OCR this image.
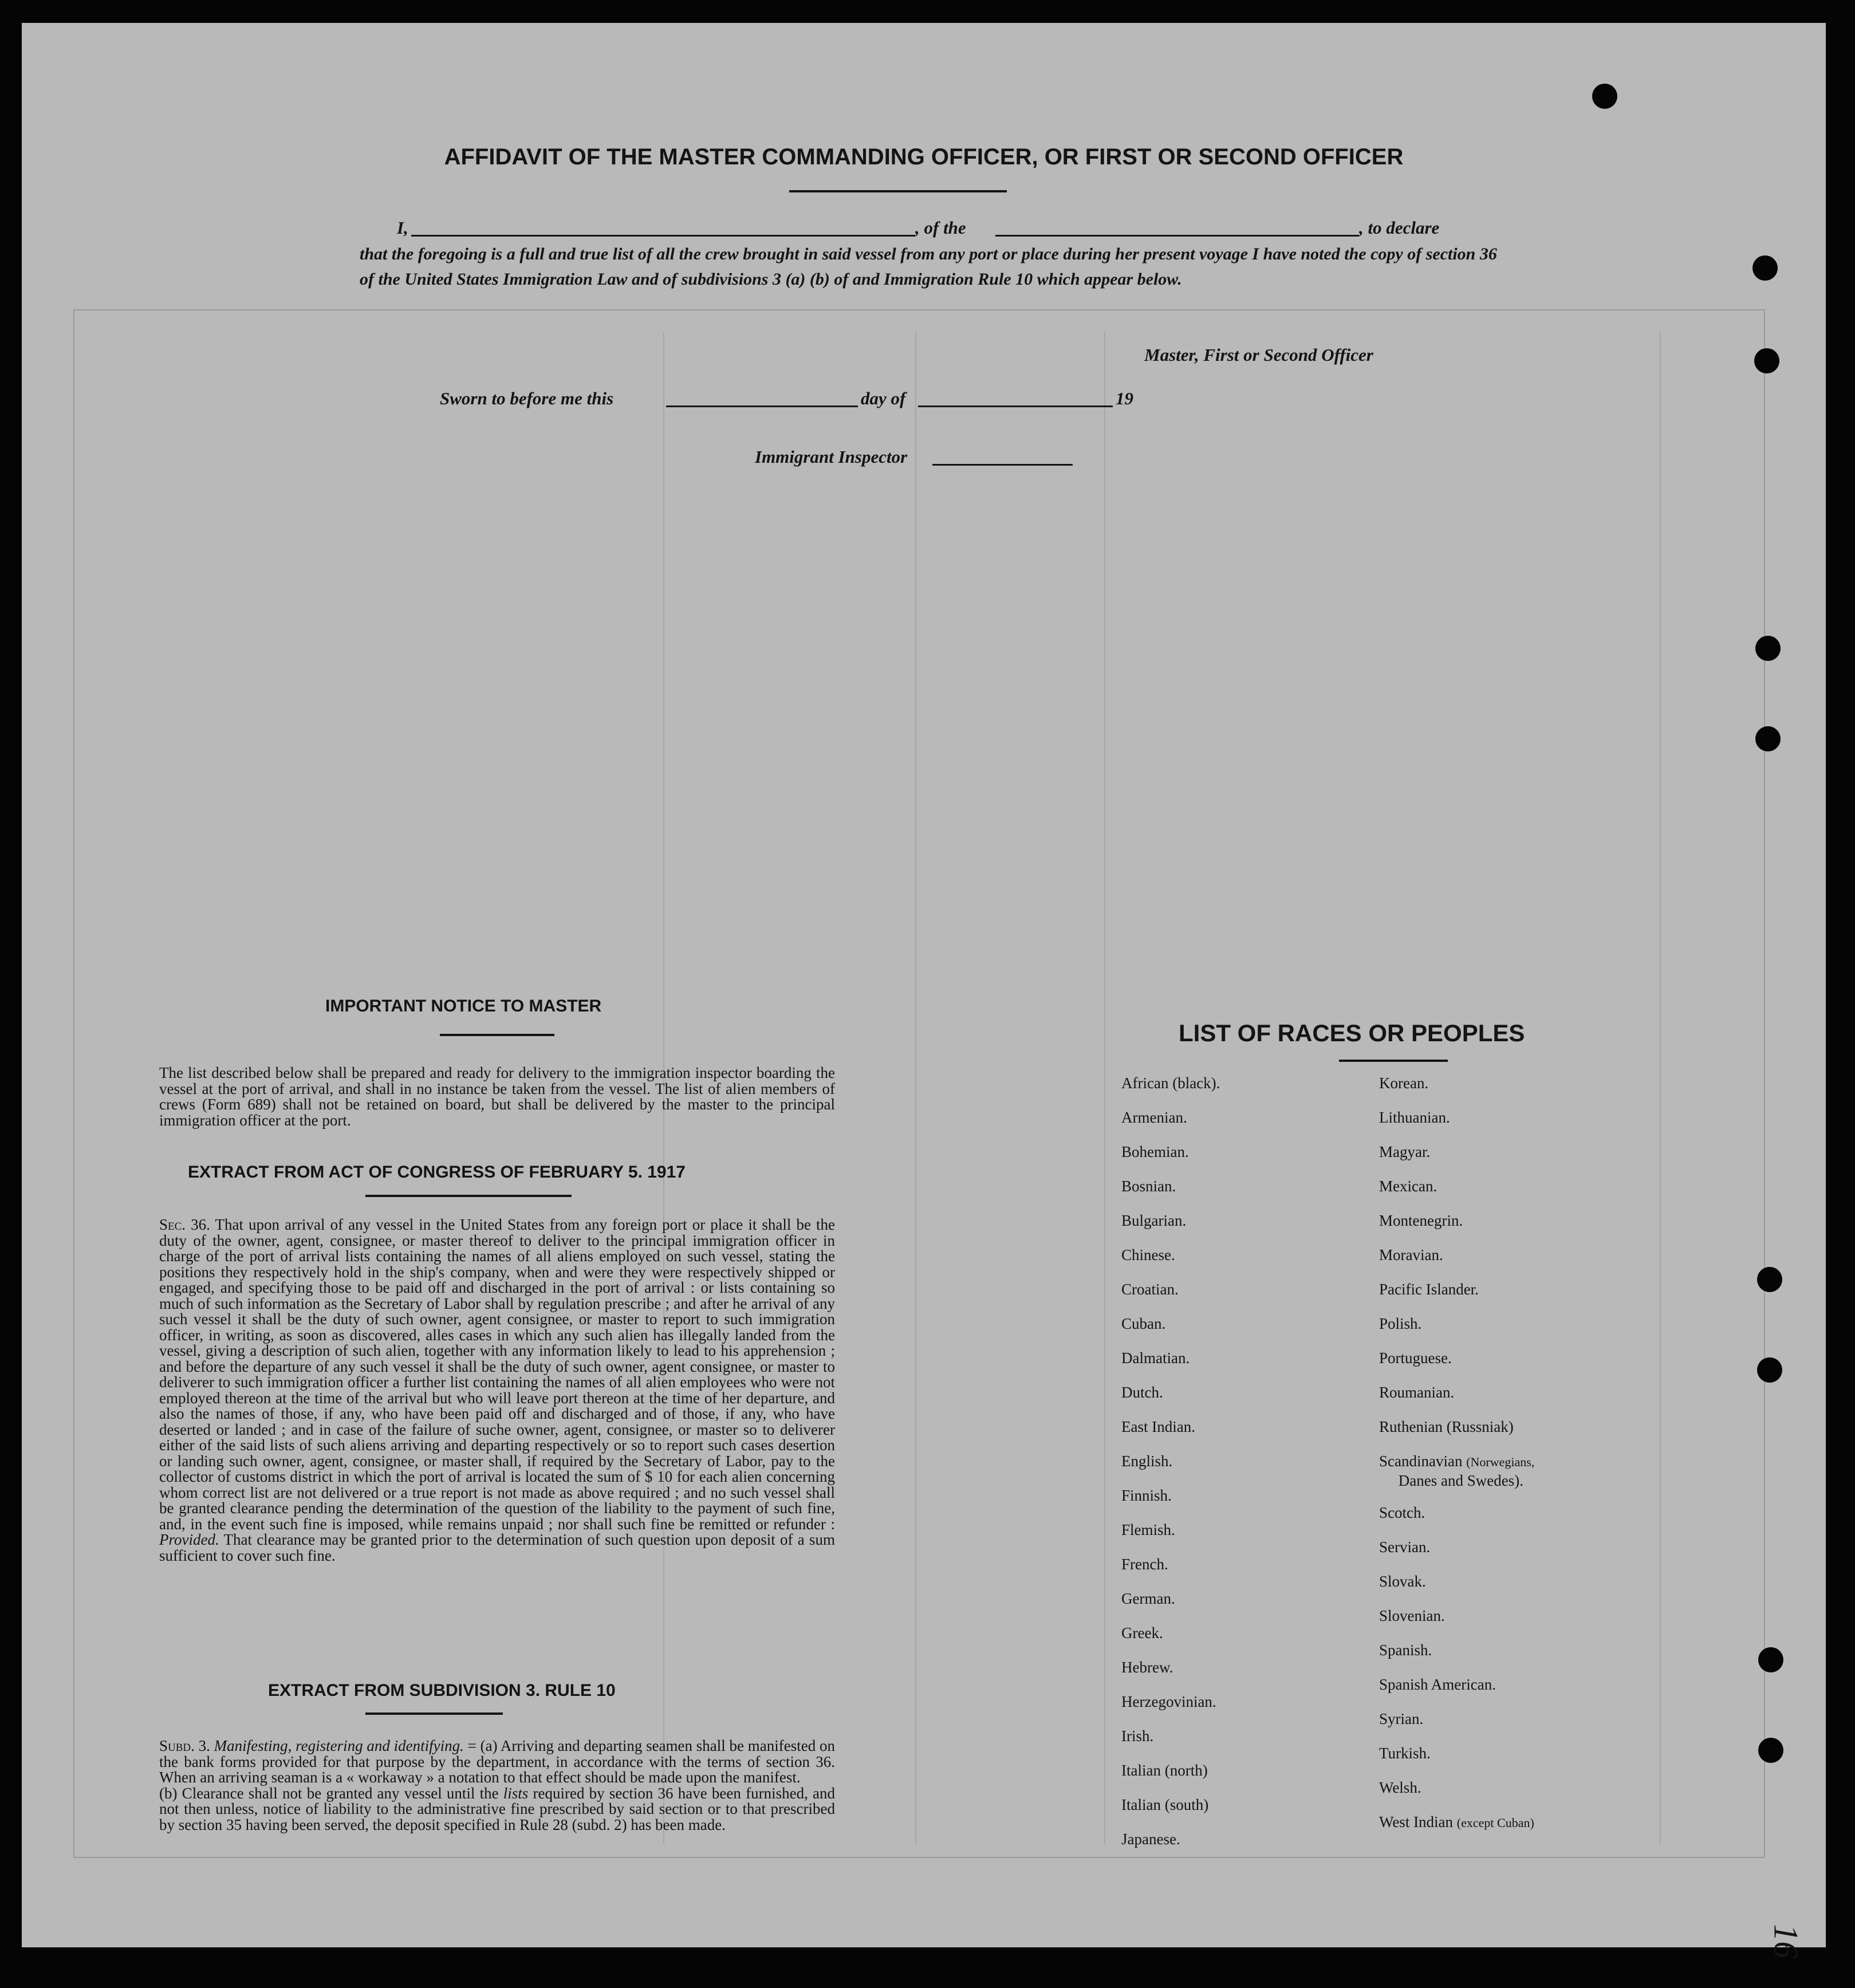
AFFIDAVIT OF THE MASTER COMMANDING OFFICER, OR FIRST OR SECOND OFFICER
I,	, of the	, to declare
that the foregoing is a full and true list of all the crew brought in said vessel from any port or place during her present voyage I have noted the copy of section 36 of the United States Immigration Law and of subdivisions 3 (a) (b) of and Immigration Rule 10 which appear below.
Master, First or Second Officer
Sworn to before me this	day of	19
Immigrant Inspector
IMPORTANT NOTICE TO MASTER
The list described below shall be prepared and ready for delivery to the immigration inspector boarding the vessel at the port of arrival, and shall in no instance be taken from the vessel. The list of alien members of crews (Form 689) shall not be retained on board, but shall be delivered by the master to the principal immigration officer at the port.
EXTRACT FROM ACT OF CONGRESS OF FEBRUARY 5. 1917
Sec. 36. That upon arrival of any vessel in the United States from any foreign port or place it shall be the duty of the owner, agent, consignee, or master thereof to deliver to the principal immigration officer in charge of the port of arrival lists containing the names of all aliens employed on such vessel, stating the positions they respectively hold in the ship's company, when and were they were respectively shipped or engaged, and specifying those to be paid off and discharged in the port of arrival : or lists containing so much of such information as the Secretary of Labor shall by regulation prescribe ; and after he arrival of any such vessel it shall be the duty of such owner, agent consignee, or master to report to such immigration officer, in writing, as soon as discovered, alles cases in which any such alien has illegally landed from the vessel, giving a description of such alien, together with any information likely to lead to his apprehension ; and before the departure of any such vessel it shall be the duty of such owner, agent consignee, or master to deliverer to such immigration officer a further list containing the names of all alien employees who were not employed thereon at the time of the arrival but who will leave port thereon at the time of her departure, and also the names of those, if any, who have been paid off and discharged and of those, if any, who have deserted or landed ; and in case of the failure of suche owner, agent, consignee, or master so to deliverer either of the said lists of such aliens arriving and departing respectively or so to report such cases desertion or landing such owner, agent, consignee, or master shall, if required by the Secretary of Labor, pay to the collector of customs district in which the port of arrival is located the sum of $ 10 for each alien concerning whom correct list are not delivered or a true report is not made as above required ; and no such vessel shall be granted clearance pending the determination of the question of the liability to the payment of such fine, and, in the event such fine is imposed, while remains unpaid ; nor shall such fine be remitted or refunder : Provided. That clearance may be granted prior to the determination of such question upon deposit of a sum sufficient to cover such fine.
EXTRACT FROM SUBDIVISION 3. RULE 10
Subd. 3. Manifesting, registering and identifying. = (a) Arriving and departing seamen shall be manifested on the bank forms provided for that purpose by the department, in accordance with the terms of section 36. When an arriving seaman is a « workaway » a notation to that effect should be made upon the manifest.
(b) Clearance shall not be granted any vessel until the lists required by section 36 have been furnished, and not then unless, notice of liability to the administrative fine prescribed by said section or to that prescribed by section 35 having been served, the deposit specified in Rule 28 (subd. 2) has been made.
LIST OF RACES OR PEOPLES
African (black).
Armenian.
Bohemian.
Bosnian.
Bulgarian.
Chinese.
Croatian.
Cuban.
Dalmatian.
Dutch.
East Indian.
English.
Finnish.
Flemish.
French.
German.
Greek.
Hebrew.
Herzegovinian.
Irish.
Italian (north)
Italian (south)
Japanese.
Korean.
Lithuanian.
Magyar.
Mexican.
Montenegrin.
Moravian.
Pacific Islander.
Polish.
Portuguese.
Roumanian.
Ruthenian (Russniak)
Scandinavian (Norwegians,
Danes and Swedes).
Scotch.
Servian.
Slovak.
Slovenian.
Spanish.
Spanish American.
Syrian.
Turkish.
Welsh.
West Indian (except Cuban)
16
